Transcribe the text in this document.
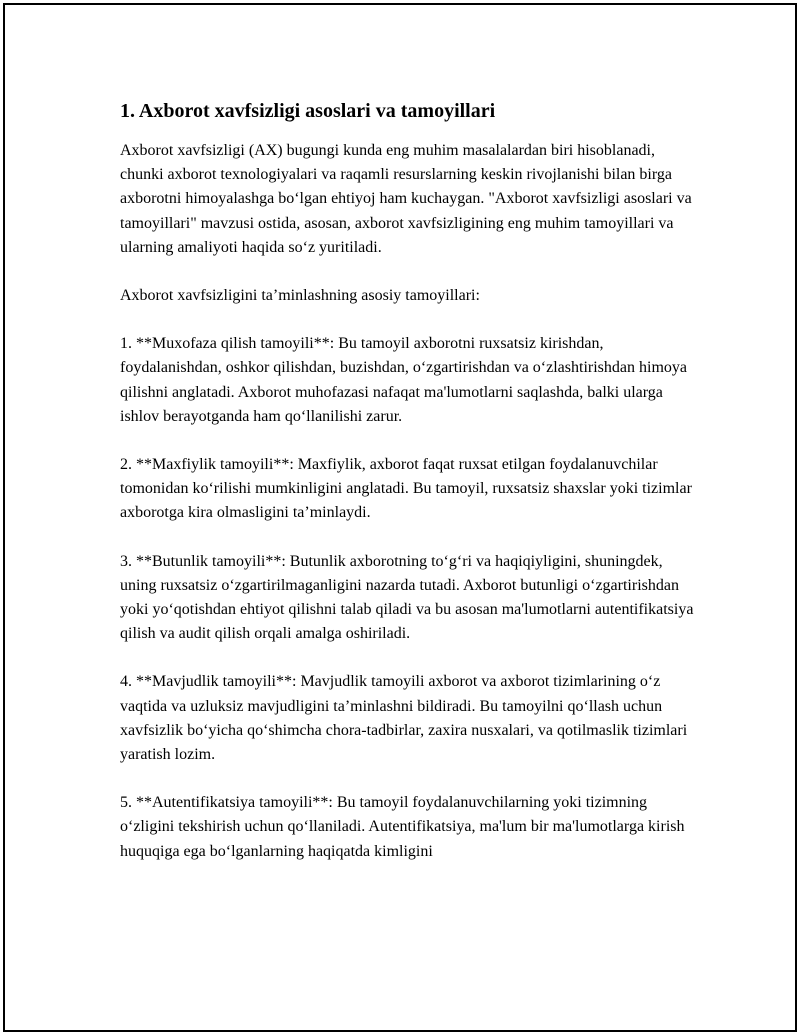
1. Axborot xavfsizligi asoslari va tamoyillari

Axborot xavfsizligi (AX) bugungi kunda eng muhim masalalardan biri hisoblanadi, chunki axborot texnologiyalari va raqamli resurslarning keskin rivojlanishi bilan birga axborotni himoyalashga bo‘lgan ehtiyoj ham kuchaygan. "Axborot xavfsizligi asoslari va tamoyillari" mavzusi ostida, asosan, axborot xavfsizligining eng muhim tamoyillari va ularning amaliyoti haqida so‘z yuritiladi.

Axborot xavfsizligini ta’minlashning asosiy tamoyillari:

1. **Muxofaza qilish tamoyili**: Bu tamoyil axborotni ruxsatsiz kirishdan, foydalanishdan, oshkor qilishdan, buzishdan, o‘zgartirishdan va o‘zlashtirishdan himoya qilishni anglatadi. Axborot muhofazasi nafaqat ma'lumotlarni saqlashda, balki ularga ishlov berayotganda ham qo‘llanilishi zarur.

2. **Maxfiylik tamoyili**: Maxfiylik, axborot faqat ruxsat etilgan foydalanuvchilar tomonidan ko‘rilishi mumkinligini anglatadi. Bu tamoyil, ruxsatsiz shaxslar yoki tizimlar axborotga kira olmasligini ta’minlaydi.

3. **Butunlik tamoyili**: Butunlik axborotning to‘g‘ri va haqiqiyligini, shuningdek, uning ruxsatsiz o‘zgartirilmaganligini nazarda tutadi. Axborot butunligi o‘zgartirishdan yoki yo‘qotishdan ehtiyot qilishni talab qiladi va bu asosan ma'lumotlarni autentifikatsiya qilish va audit qilish orqali amalga oshiriladi.

4. **Mavjudlik tamoyili**: Mavjudlik tamoyili axborot va axborot tizimlarining o‘z vaqtida va uzluksiz mavjudligini ta’minlashni bildiradi. Bu tamoyilni qo‘llash uchun xavfsizlik bo‘yicha qo‘shimcha chora-tadbirlar, zaxira nusxalari, va qotilmaslik tizimlari yaratish lozim.

5. **Autentifikatsiya tamoyili**: Bu tamoyil foydalanuvchilarning yoki tizimning o‘zligini tekshirish uchun qo‘llaniladi. Autentifikatsiya, ma'lum bir ma'lumotlarga kirish huquqiga ega bo‘lganlarning haqiqatda kimligini
